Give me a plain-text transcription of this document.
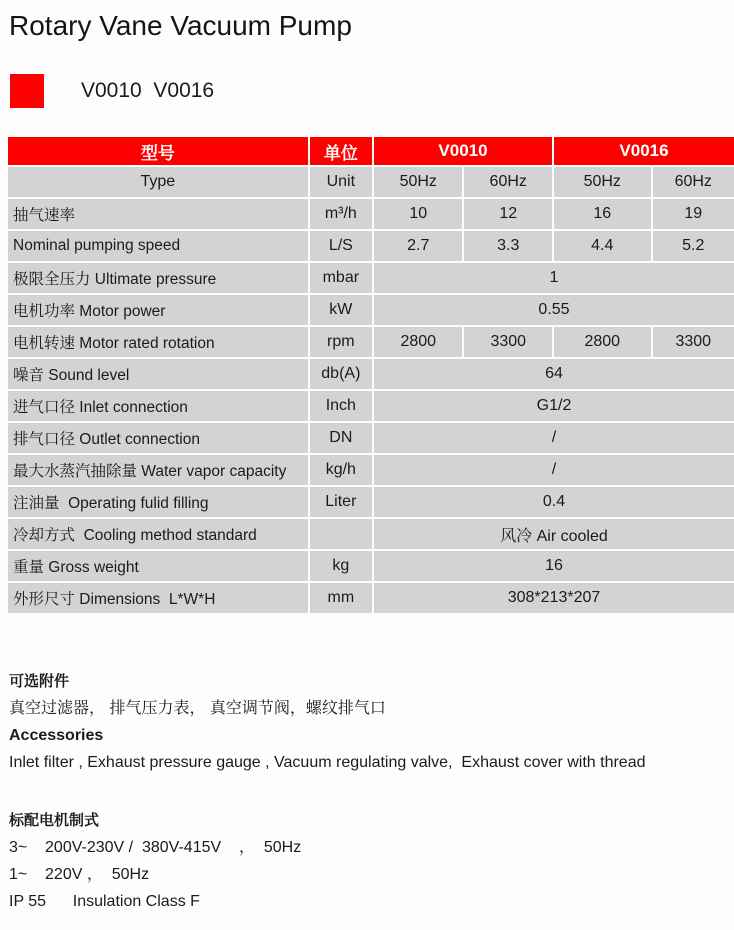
Rotary Vane Vacuum Pump
V0010  V0016
型号	单位	V0010		V0016	
Type	Unit	50Hz	60Hz	50Hz	60Hz
抽气速率	m³/h	10	12	16	19
Nominal pumping speed	L/S	2.7	3.3	4.4	5.2
极限全压力 Ultimate pressure	mbar	1			
电机功率 Motor power	kW	0.55			
电机转速 Motor rated rotation	rpm	2800	3300	2800	3300
噪音 Sound level	db(A)	64			
进气口径 Inlet connection	Inch	G1/2			
排气口径 Outlet connection	DN	/			
最大水蒸汽抽除量 Water vapor capacity	kg/h	/			
注油量  Operating fulid filling	Liter	0.4			
冷却方式  Cooling method standard		风冷 Air cooled			
重量 Gross weight	kg	16			
外形尺寸 Dimensions  L*W*H	mm	308*213*207			

可选附件

真空过滤器， 排气压力表， 真空调节阀，螺纹排气口

Accessories

Inlet filter , Exhaust pressure gauge , Vacuum regulating valve,  Exhaust cover with thread

标配电机制式

3~    200V-230V /  380V-415V    ，  50Hz

1~    220V ，  50Hz

IP 55      Insulation Class F
